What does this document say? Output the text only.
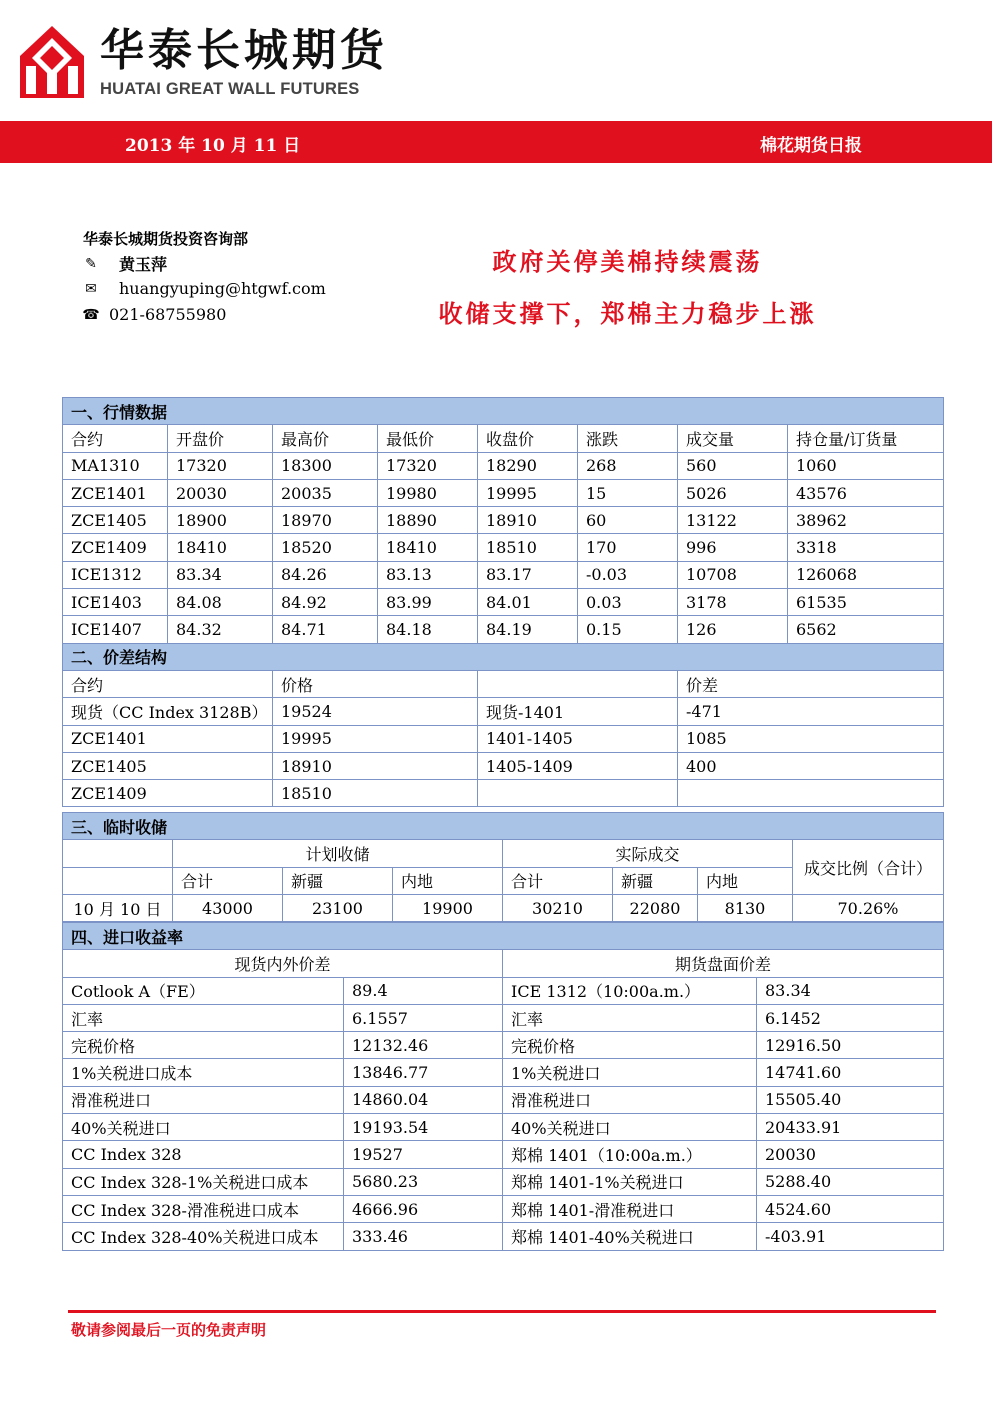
华泰长城期货
HUATAI GREAT WALL FUTURES
2013 年 10 月 11 日	棉花期货日报
华泰长城期货投资咨询部
✎ 黄玉萍
✉ huangyuping@htgwf.com
☎ 021-68755980
政府关停美棉持续震荡
收储支撑下，郑棉主力稳步上涨
一、行情数据							
合约	开盘价	最高价	最低价	收盘价	涨跌	成交量	持仓量/订货量
MA1310	17320	18300	17320	18290	268	560	1060
ZCE1401	20030	20035	19980	19995	15	5026	43576
ZCE1405	18900	18970	18890	18910	60	13122	38962
ZCE1409	18410	18520	18410	18510	170	996	3318
ICE1312	83.34	84.26	83.13	83.17	-0.03	10708	126068
ICE1403	84.08	84.92	83.99	84.01	0.03	3178	61535
ICE1407	84.32	84.71	84.18	84.19	0.15	126	6562
二、价差结构							
合约		价格				价差	
现货（CC Index 3128B）		19524		现货-1401		-471	
ZCE1401		19995		1401-1405		1085	
ZCE1405		18910		1405-1409		400	
ZCE1409		18510					
三、临时收储							
	计划收储			实际成交			成交比例（合计）
	合计	新疆	内地	合计	新疆	内地	
10 月 10 日	43000	23100	19900	30210	22080	8130	70.26%
四、进口收益率			
现货内外价差		期货盘面价差	
Cotlook A（FE）	89.4	ICE 1312（10:00a.m.）	83.34
汇率	6.1557	汇率	6.1452
完税价格	12132.46	完税价格	12916.50
1%关税进口成本	13846.77	1%关税进口	14741.60
滑准税进口	14860.04	滑准税进口	15505.40
40%关税进口	19193.54	40%关税进口	20433.91
CC Index 328	19527	郑棉 1401（10:00a.m.）	20030
CC Index 328-1%关税进口成本	5680.23	郑棉 1401-1%关税进口	5288.40
CC Index 328-滑准税进口成本	4666.96	郑棉 1401-滑准税进口	4524.60
CC Index 328-40%关税进口成本	333.46	郑棉 1401-40%关税进口	-403.91
敬请参阅最后一页的免责声明
